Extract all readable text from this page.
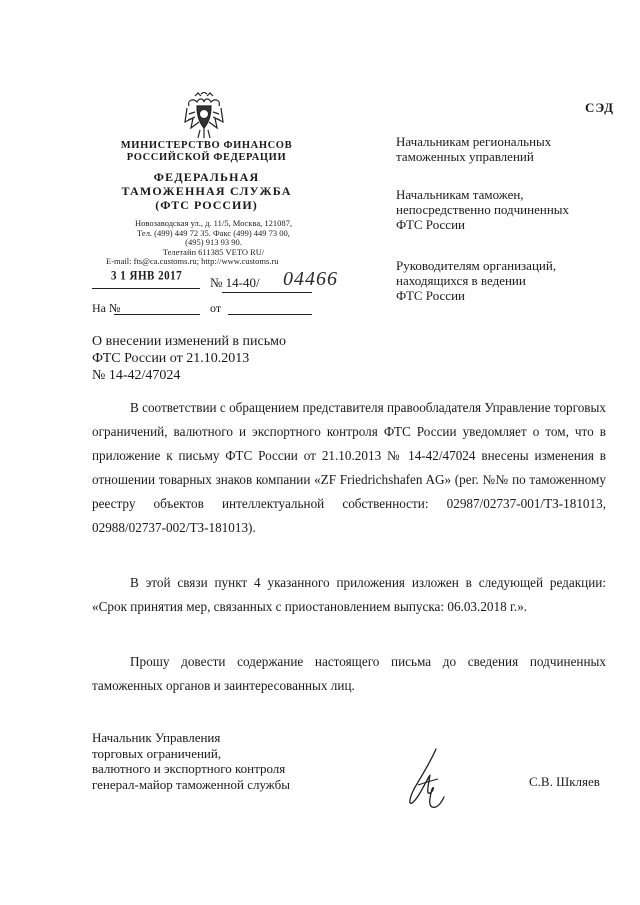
МИНИСТЕРСТВО ФИНАНСОВ
РОССИЙСКОЙ ФЕДЕРАЦИИ
ФЕДЕРАЛЬНАЯ
ТАМОЖЕННАЯ СЛУЖБА
(ФТС РОССИИ)
Новозаводская ул., д. 11/5, Москва, 121087,
Тел. (499) 449 72 35. Факс (499) 449 73 00,
(495) 913 93 90.
Телетайп 611385 VETO RU/
E-mail: fts@ca.customs.ru; http://www.customs.ru
3 1 ЯНВ 2017 № 14-40/ 04466
На №	от
СЭД
Начальникам региональных
таможенных управлений
Начальникам таможен,
непосредственно подчиненных
ФТС России
Руководителям организаций,
находящихся в ведении
ФТС России
О внесении изменений в письмо
ФТС России от 21.10.2013
№ 14-42/47024
В соответствии с обращением представителя правообладателя Управление торговых ограничений, валютного и экспортного контроля ФТС России уведомляет о том, что в приложение к письму ФТС России от 21.10.2013 № 14-42/47024 внесены изменения в отношении товарных знаков компании «ZF Friedrichshafen AG» (рег. №№ по таможенному реестру объектов интеллектуальной собственности: 02987/02737-001/ТЗ-181013, 02988/02737-002/ТЗ-181013).
В этой связи пункт 4 указанного приложения изложен в следующей редакции: «Срок принятия мер, связанных с приостановлением выпуска: 06.03.2018 г.».
Прошу довести содержание настоящего письма до сведения подчиненных таможенных органов и заинтересованных лиц.
Начальник Управления
торговых ограничений,
валютного и экспортного контроля
генерал-майор таможенной службы	С.В. Шкляев
